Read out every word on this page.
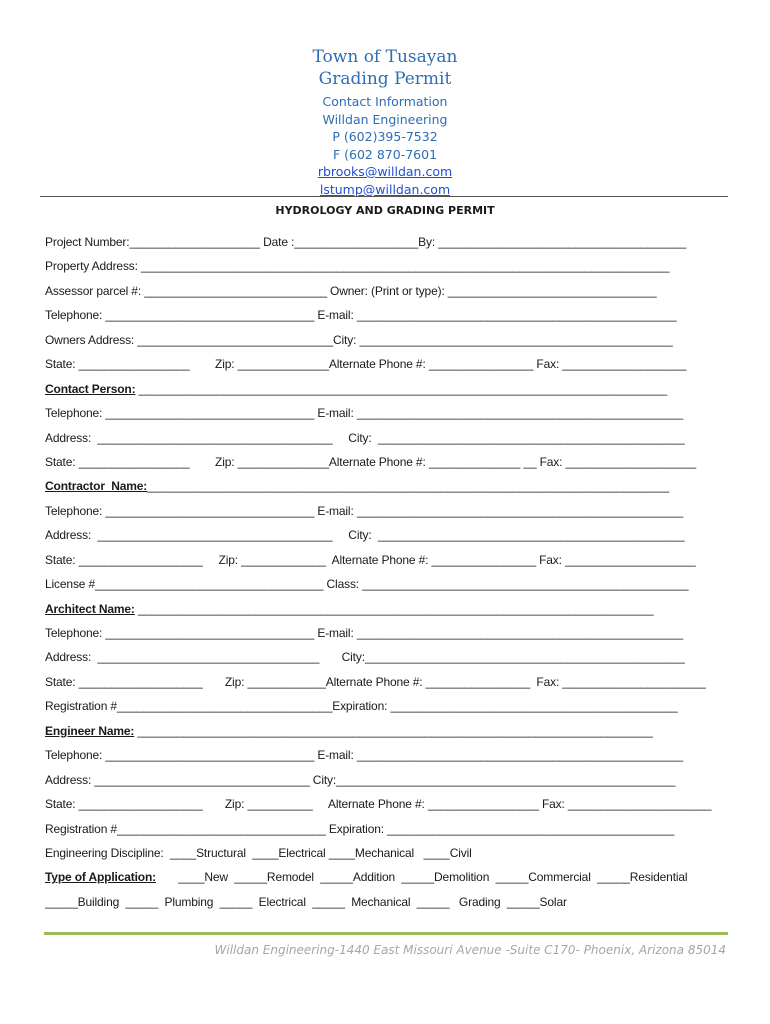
Town of Tusayan
Grading Permit
Contact Information
Willdan Engineering
P (602)395-7532
F (602 870-7601
rbrooks@willdan.com
lstump@willdan.com
HYDROLOGY AND GRADING PERMIT
Project Number:____________________ Date :___________________By: ______________________________________
Property Address: _________________________________________________________________________________
Assessor parcel #: ____________________________ Owner: (Print or type): ________________________________
Telephone: ________________________________ E-mail: _________________________________________________
Owners Address: ______________________________City: ________________________________________________
State: _________________        Zip: ______________Alternate Phone #: ________________ Fax: ___________________
Contact Person: _________________________________________________________________________________
Telephone: ________________________________ E-mail: __________________________________________________
Address:  ____________________________________     City:  _______________________________________________
State: _________________        Zip: ______________Alternate Phone #: ______________ __ Fax: ____________________
Contractor  Name:________________________________________________________________________________
Telephone: ________________________________ E-mail: __________________________________________________
Address:  ____________________________________     City:  _______________________________________________
State: ___________________     Zip: _____________  Alternate Phone #: ________________ Fax: ____________________
License #___________________________________ Class: __________________________________________________
Architect Name: _______________________________________________________________________________
Telephone: ________________________________ E-mail: __________________________________________________
Address:  __________________________________       City:_________________________________________________
State: ___________________       Zip: ____________Alternate Phone #: ________________  Fax: ______________________
Registration #_________________________________Expiration: ____________________________________________
Engineer Name: _______________________________________________________________________________
Telephone: ________________________________ E-mail: __________________________________________________
Address: _________________________________ City:____________________________________________________
State: ___________________       Zip: __________     Alternate Phone #: _________________ Fax: ______________________
Registration #________________________________ Expiration: ____________________________________________
Engineering Discipline:  ____Structural  ____Electrical ____Mechanical   ____Civil
Type of Application:       ____New  _____Remodel  _____Addition  _____Demolition  _____Commercial  _____Residential
_____Building  _____  Plumbing  _____  Electrical  _____  Mechanical  _____   Grading  _____Solar
Willdan Engineering-1440 East Missouri Avenue -Suite C170- Phoenix, Arizona 85014
